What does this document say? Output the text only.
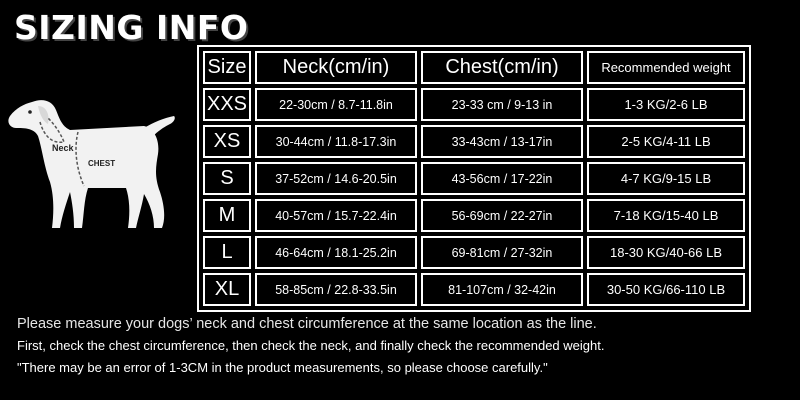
SIZING INFO
Neck
CHEST
Size	Neck(cm/in)	Chest(cm/in)	Recommended weight
XXS	22-30cm / 8.7-11.8in	23-33 cm / 9-13 in	1-3 KG/2-6 LB
XS	30-44cm / 11.8-17.3in	33-43cm / 13-17in	2-5 KG/4-11 LB
S	37-52cm / 14.6-20.5in	43-56cm / 17-22in	4-7 KG/9-15 LB
M	40-57cm / 15.7-22.4in	56-69cm / 22-27in	7-18 KG/15-40 LB
L	46-64cm / 18.1-25.2in	69-81cm / 27-32in	18-30 KG/40-66 LB
XL	58-85cm / 22.8-33.5in	81-107cm / 32-42in	30-50 KG/66-110 LB
Please measure your dogs’ neck and chest circumference at the same location as the line.
First, check the chest circumference, then check the neck, and finally check the recommended weight.
"There may be an error of 1-3CM in the product measurements, so please choose carefully."
